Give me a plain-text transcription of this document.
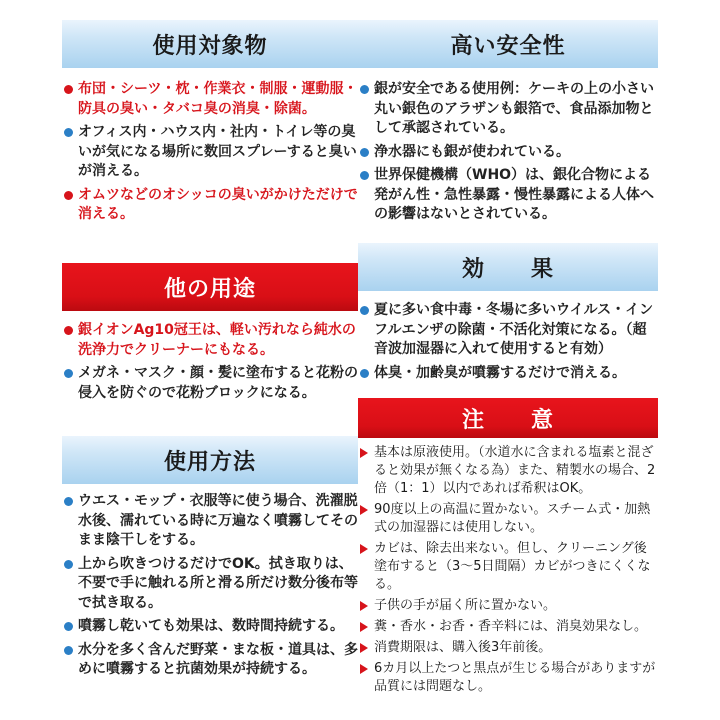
使用対象物
布団・シーツ・枕・作業衣・制服・運動服・防具の臭い・タバコ臭の消臭・除菌。
オフィス内・ハウス内・社内・トイレ等の臭いが気になる場所に数回スプレーすると臭いが消える。
オムツなどのオシッコの臭いがかけただけで消える。
他の用途
銀イオンAg10冠王は、軽い汚れなら純水の洗浄力でクリーナーにもなる。
メガネ・マスク・顔・髪に塗布すると花粉の侵入を防ぐので花粉ブロックになる。
使用方法
ウエス・モップ・衣服等に使う場合、洗濯脱水後、濡れている時に万遍なく噴霧してそのまま陰干しをする。
上から吹きつけるだけでOK。拭き取りは、不要で手に触れる所と滑る所だけ数分後布等で拭き取る。
噴霧し乾いても効果は、数時間持続する。
水分を多く含んだ野菜・まな板・道具は、多めに噴霧すると抗菌効果が持続する。
高い安全性
銀が安全である使用例：ケーキの上の小さい丸い銀色のアラザンも銀箔で、食品添加物として承認されている。
浄水器にも銀が使われている。
世界保健機構（WHO）は、銀化合物による発がん性・急性暴露・慢性暴露による人体への影響はないとされている。
効　　果
夏に多い食中毒・冬場に多いウイルス・インフルエンザの除菌・不活化対策になる。（超音波加湿器に入れて使用すると有効）
体臭・加齢臭が噴霧するだけで消える。
注　　意
基本は原液使用。（水道水に含まれる塩素と混ざると効果が無くなる為）また、精製水の場合、2倍（1：1）以内であれば希釈はOK。
90度以上の高温に置かない。スチーム式・加熱式の加湿器には使用しない。
カビは、除去出来ない。但し、クリーニング後塗布すると（3～5日間隔）カビがつきにくくなる。
子供の手が届く所に置かない。
糞・香水・お香・香辛料には、消臭効果なし。
消費期限は、購入後3年前後。
6カ月以上たつと黒点が生じる場合がありますが品質には問題なし。
